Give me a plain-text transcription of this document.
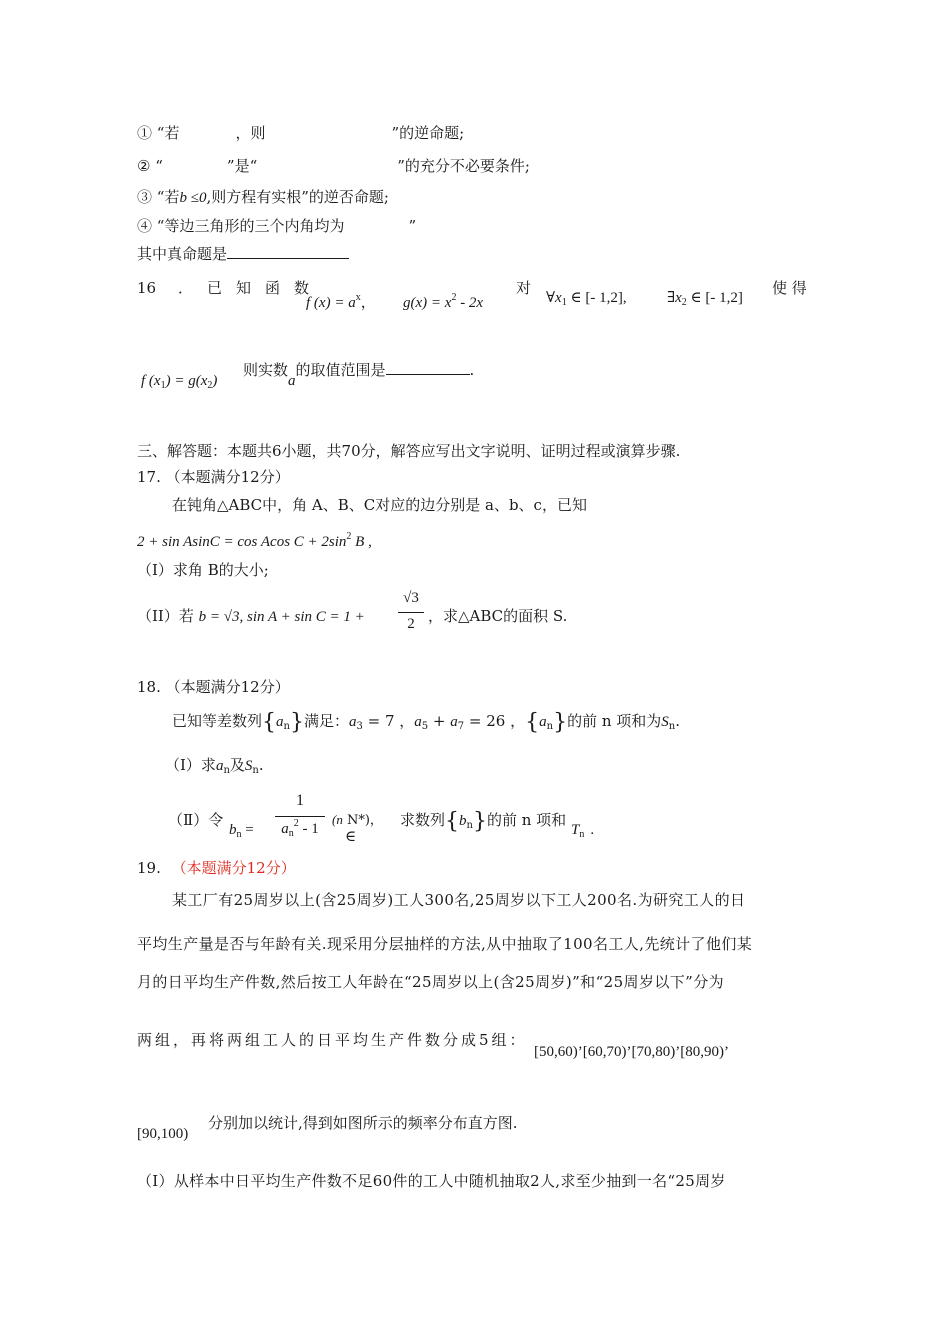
① “若	，则	”的逆命题;
② “	”是“	”的充分不必要条件;
③ “若b ≤0,则方程有实根”的逆否命题;
④ “等边三角形的三个内角均为	”
其中真命题是
16 ．已知函数
f $(x) = a^x$， $g(x) = x^2 - 2x$
对
$\forall x_1$ ∈ [- 1,2],	$\exists x_2$ ∈ [- 1,2]
使 得
f $(x_1) = g(x_2)$
则实数a的取值范围是	.
三、解答题：本题共6小题，共70分，解答应写出文字说明、证明过程或演算步骤.
17. （本题满分12分）
在钝角△ABC中，角 A、B、C对应的边分别是 a、b、c，已知
2 + sin AsinC = cos Acos $C + 2\sin^2$ B ,
（I）求角 B的大小;
（II）若 b = √3, sin A + sin C = 1 +
√3
2 ，求△ABC的面积 S.
18. （本题满分12分）
已知等差数列$\{a_n\}$满足：$a_3 = 7$ ，$a_5 + a_7 = 26$ ，$\{a_n\}$的前 n 项和为$S_n$.
（I）求$a_n$及$S_n$.
（Ⅱ）令
$b_n$ =
1
$a_n^2 - 1$
(n N*)，
∈
求数列$\{b_n\}$的前 n 项和
$T_n$ .
19. （本题满分12分）
某工厂有25周岁以上(含25周岁)工人300名,25周岁以下工人200名.为研究工人的日
平均生产量是否与年龄有关.现采用分层抽样的方法,从中抽取了100名工人,先统计了他们某
月的日平均生产件数,然后按工人年龄在“25周岁以上(含25周岁)”和“25周岁以下”分为
两组，再将两组工人的日平均生产件数分成5组：
[50,60)’[60,70)’[70,80)’[80,90)’
[90,100)
分别加以统计,得到如图所示的频率分布直方图.
（I）从样本中日平均生产件数不足60件的工人中随机抽取2人,求至少抽到一名“25周岁
